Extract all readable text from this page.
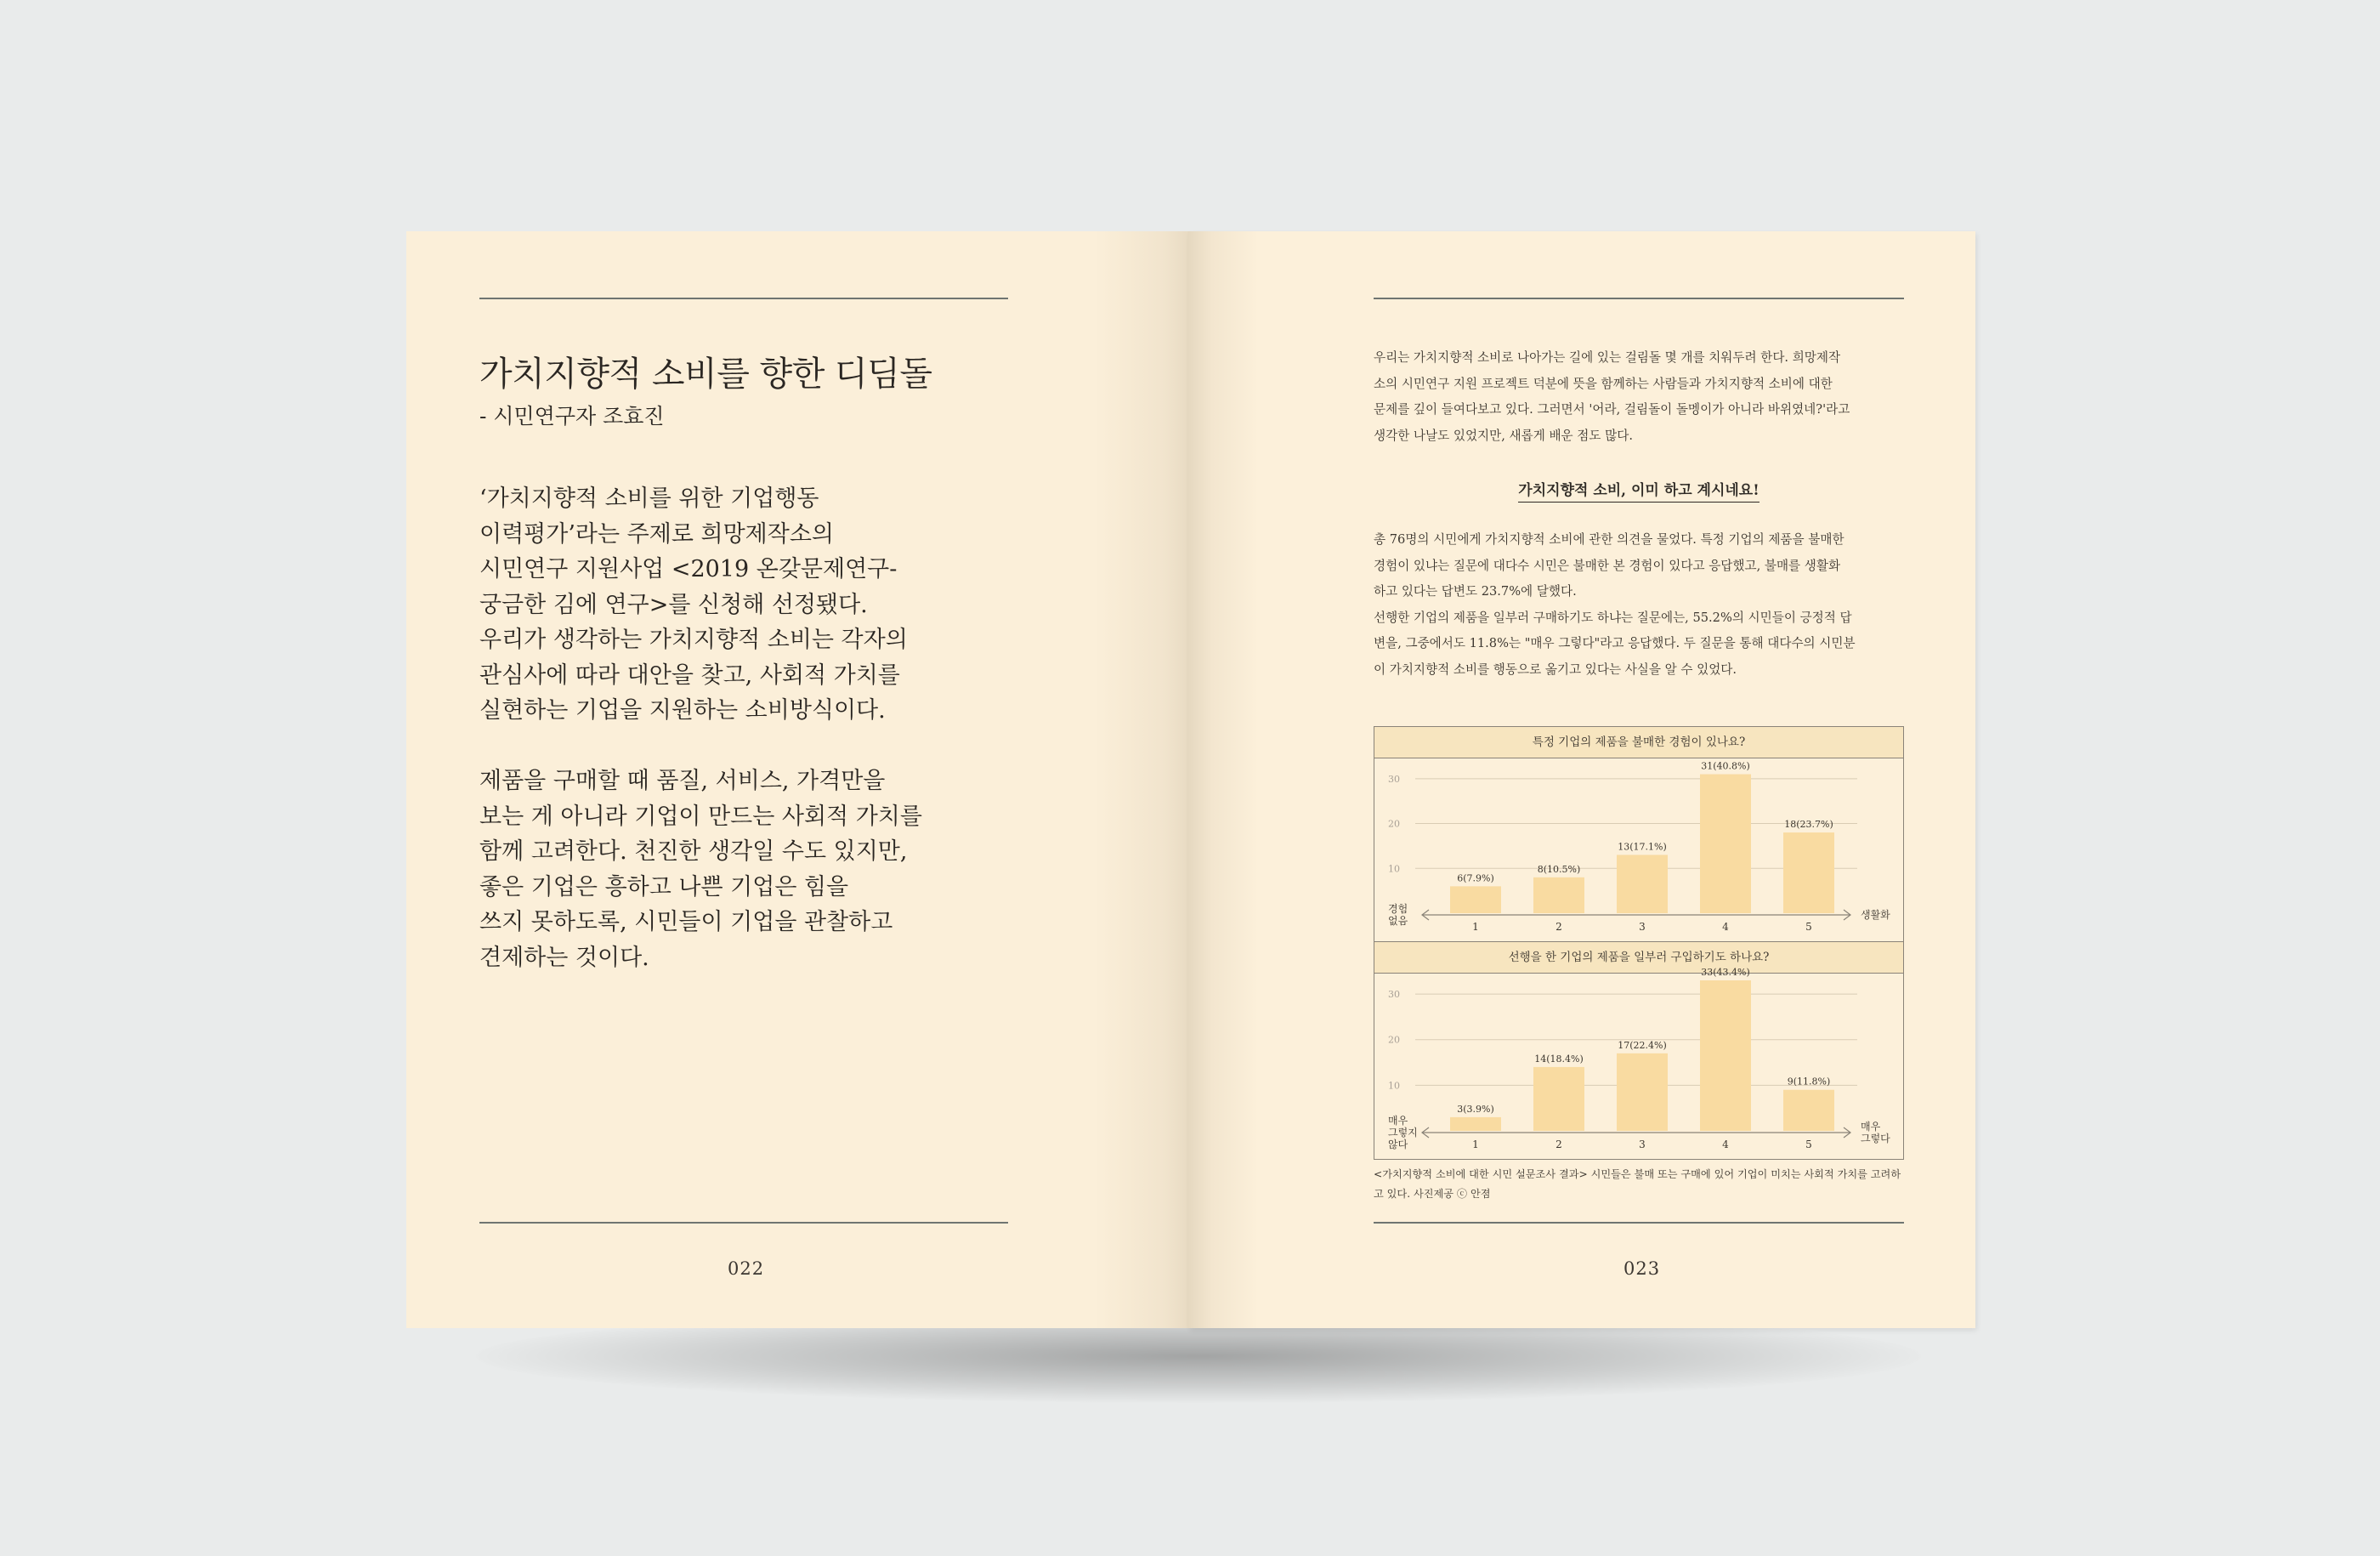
가치지향적 소비를 향한 디딤돌

- 시민연구자 조효진

‘가치지향적 소비를 위한 기업행동
이력평가’라는 주제로 희망제작소의
시민연구 지원사업 <2019 온갖문제연구-
궁금한 김에 연구>를 신청해 선정됐다.
우리가 생각하는 가치지향적 소비는 각자의
관심사에 따라 대안을 찾고, 사회적 가치를
실현하는 기업을 지원하는 소비방식이다.

제품을 구매할 때 품질, 서비스, 가격만을
보는 게 아니라 기업이 만드는 사회적 가치를
함께 고려한다. 천진한 생각일 수도 있지만,
좋은 기업은 흥하고 나쁜 기업은 힘을
쓰지 못하도록, 시민들이 기업을 관찰하고
견제하는 것이다.

022

우리는 가치지향적 소비로 나아가는 길에 있는 걸림돌 몇 개를 치워두려 한다. 희망제작
소의 시민연구 지원 프로젝트 덕분에 뜻을 함께하는 사람들과 가치지향적 소비에 대한
문제를 깊이 들여다보고 있다. 그러면서 '어라, 걸림돌이 돌멩이가 아니라 바위였네?'라고
생각한 나날도 있었지만, 새롭게 배운 점도 많다.

가치지향적 소비, 이미 하고 계시네요!

총 76명의 시민에게 가치지향적 소비에 관한 의견을 물었다. 특정 기업의 제품을 불매한
경험이 있냐는 질문에 대다수 시민은 불매한 본 경험이 있다고 응답했고, 불매를 생활화
하고 있다는 답변도 23.7%에 달했다.
선행한 기업의 제품을 일부러 구매하기도 하냐는 질문에는, 55.2%의 시민들이 긍정적 답
변을, 그중에서도 11.8%는 "매우 그렇다"라고 응답했다. 두 질문을 통해 대다수의 시민분
이 가치지향적 소비를 행동으로 옮기고 있다는 사실을 알 수 있었다.

특정 기업의 제품을 불매한 경험이 있나요?
10
20
30
6(7.9%)
1
8(10.5%)
2
13(17.1%)
3
31(40.8%)
4
18(23.7%)
5
경험
없음	생활화
선행을 한 기업의 제품을 일부러 구입하기도 하나요?
10
20
30
3(3.9%)
1
14(18.4%)
2
17(22.4%)
3
33(43.4%)
4
9(11.8%)
5
매우
그렇지
않다
매우
그렇다

<가치지향적 소비에 대한 시민 설문조사 결과> 시민들은 불매 또는 구매에 있어 기업이 미치는 사회적 가치를 고려하
고 있다. 사진제공 ⓒ 안졈

023
